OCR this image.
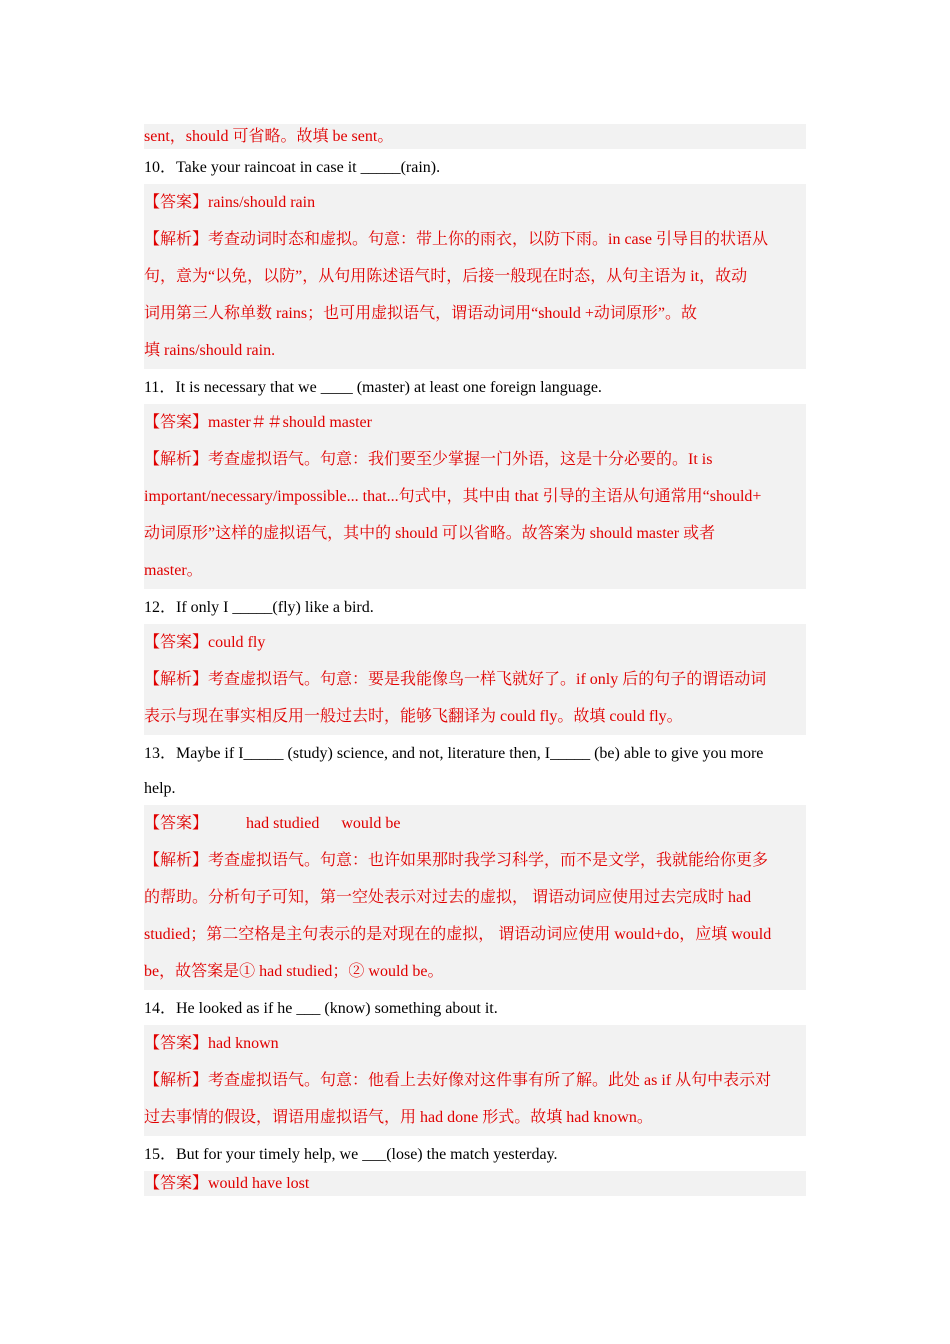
sent，should 可省略。故填 be sent。
10．Take your raincoat in case it _____(rain).
【答案】rains/should rain
【解析】考查动词时态和虚拟。句意：带上你的雨衣，以防下雨。in case 引导目的状语从
句，意为“以免，以防”，从句用陈述语气时，后接一般现在时态，从句主语为 it，故动
词用第三人称单数 rains；也可用虚拟语气，谓语动词用“should +动词原形”。故
填 rains/should rain.
11．It is necessary that we ____ (master) at least one foreign language.
【答案】master＃＃should master
【解析】考查虚拟语气。句意：我们要至少掌握一门外语，这是十分必要的。It is
important/necessary/impossible... that...句式中，其中由 that 引导的主语从句通常用“should+
动词原形”这样的虚拟语气，其中的 should 可以省略。故答案为 should master 或者
master。
12．If only I _____(fly) like a bird.
【答案】could fly
【解析】考查虚拟语气。句意：要是我能像鸟一样飞就好了。if only 后的句子的谓语动词
表示与现在事实相反用一般过去时，能够飞翻译为 could fly。故填 could fly。
13．Maybe if I_____ (study) science, and not, literature then, I_____ (be) able to give you more
help.
【答案】 had studied would be
【解析】考查虚拟语气。句意：也许如果那时我学习科学，而不是文学，我就能给你更多
的帮助。分析句子可知，第一空处表示对过去的虚拟， 谓语动词应使用过去完成时 had
studied；第二空格是主句表示的是对现在的虚拟， 谓语动词应使用 would+do，应填 would
be，故答案是① had studied；② would be。
14．He looked as if he ___ (know) something about it.
【答案】had known
【解析】考查虚拟语气。句意：他看上去好像对这件事有所了解。此处 as if 从句中表示对
过去事情的假设，谓语用虚拟语气，用 had done 形式。故填 had known。
15．But for your timely help, we ___(lose) the match yesterday.
【答案】would have lost
